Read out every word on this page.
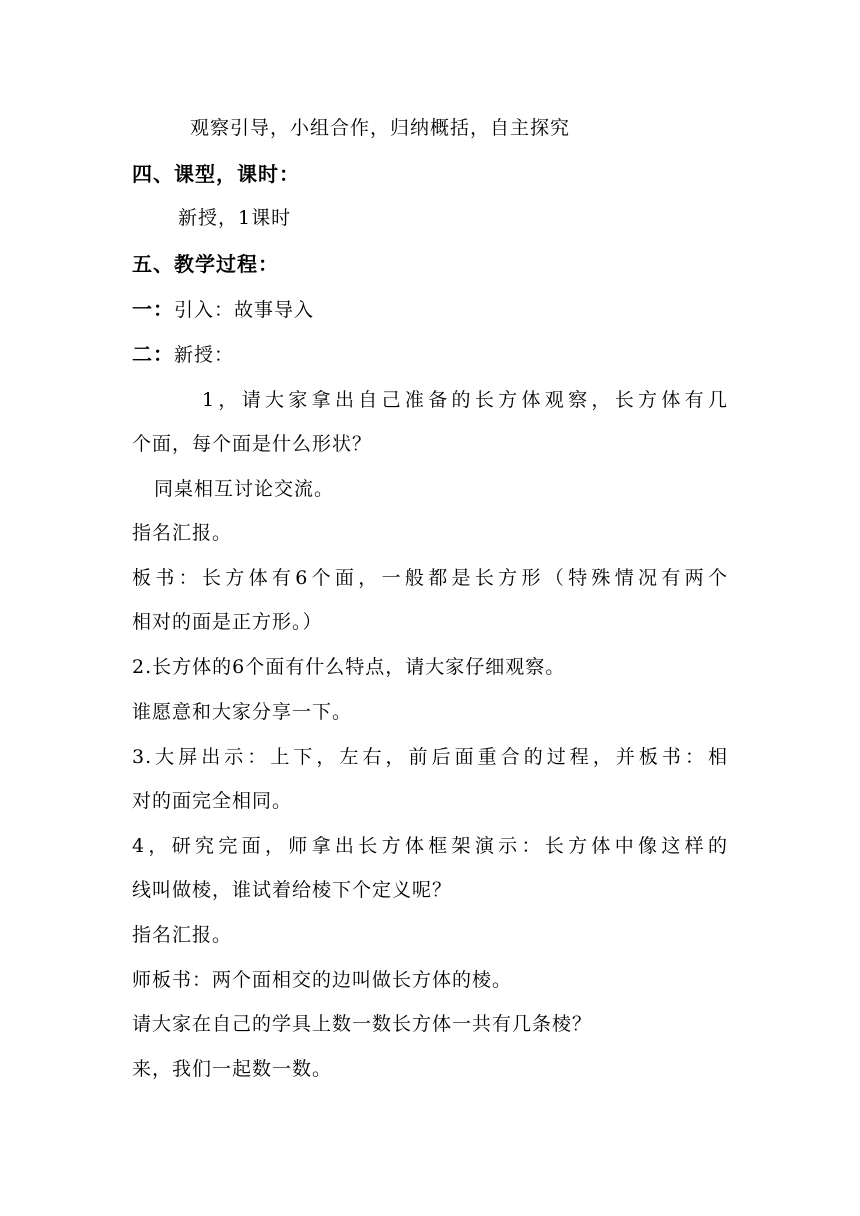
观察引导，小组合作，归纳概括，自主探究
四、课型，课时：
新授，1课时
五、教学过程：
一：引入：故事导入
二：新授：
1，请大家拿出自己准备的长方体观察，长方体有几
个面，每个面是什么形状？
同桌相互讨论交流。
指名汇报。
板书：长方体有6个面，一般都是长方形（特殊情况有两个
相对的面是正方形。）
2.长方体的6个面有什么特点，请大家仔细观察。
谁愿意和大家分享一下。
3.大屏出示：上下，左右，前后面重合的过程，并板书：相
对的面完全相同。
4，研究完面，师拿出长方体框架演示：长方体中像这样的
线叫做棱，谁试着给棱下个定义呢？
指名汇报。
师板书：两个面相交的边叫做长方体的棱。
请大家在自己的学具上数一数长方体一共有几条棱？
来，我们一起数一数。
